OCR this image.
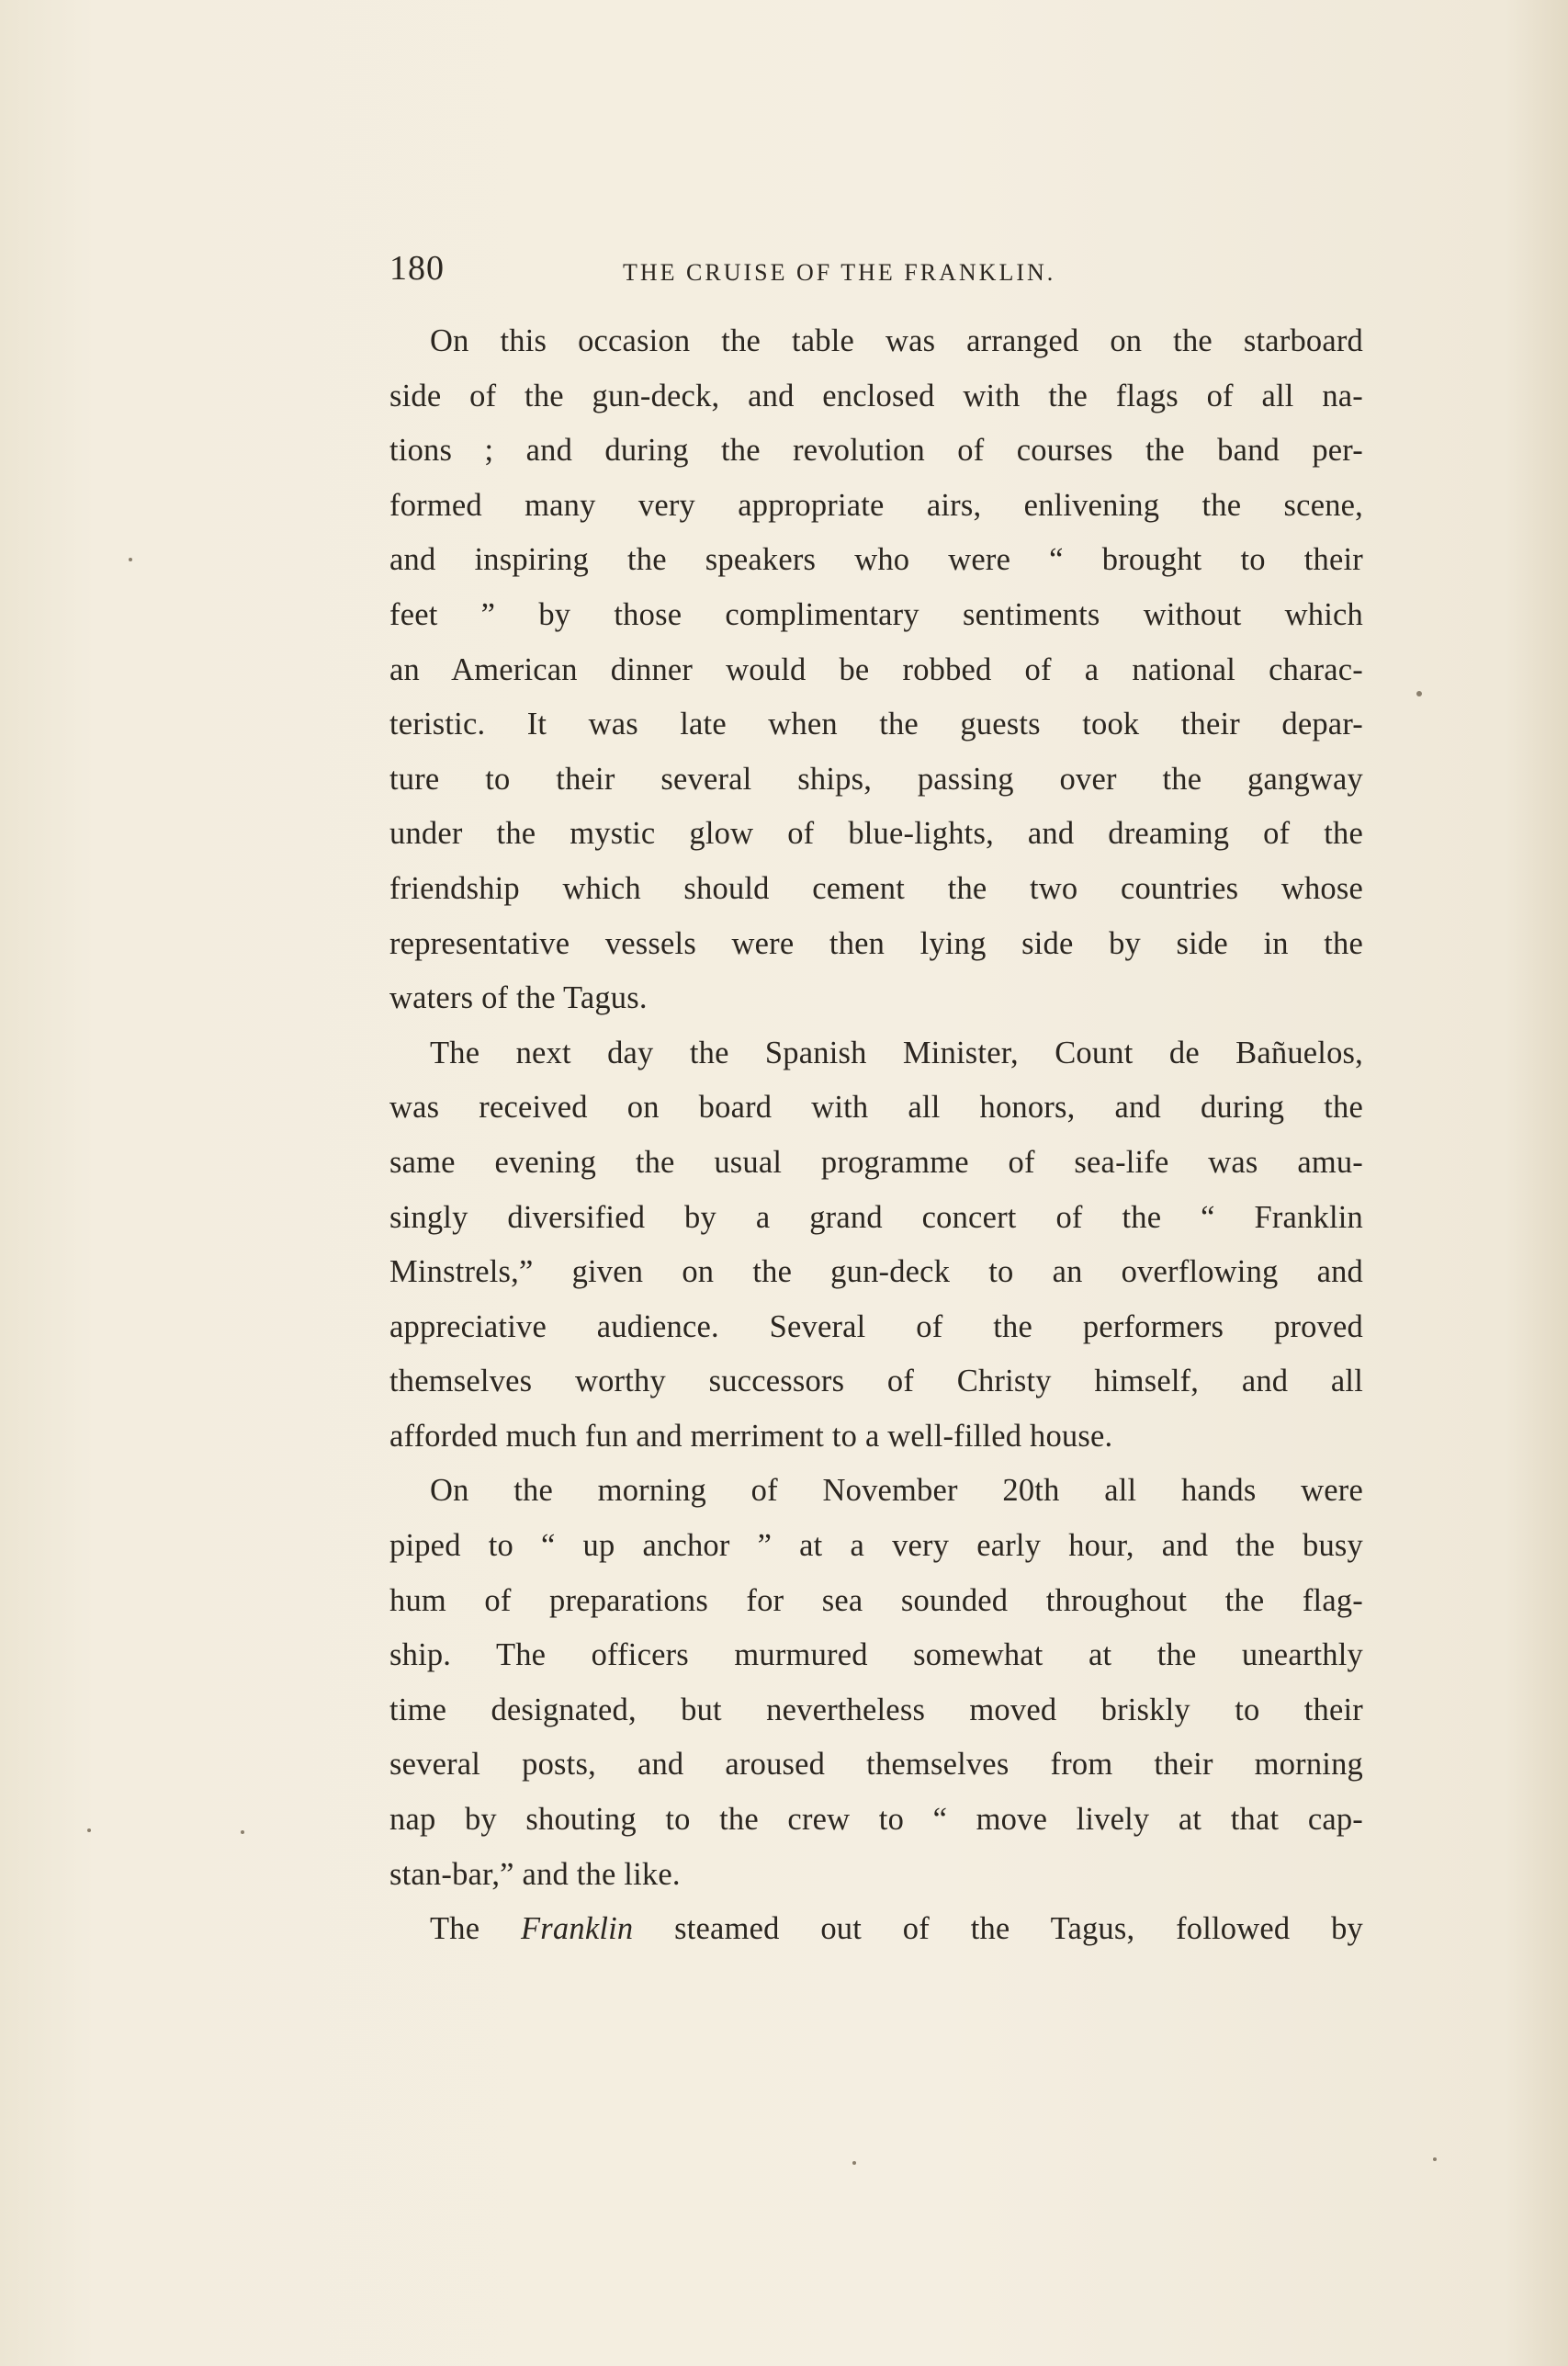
180	THE CRUISE OF THE FRANKLIN.
On this occasion the table was arranged on the starboard
side of the gun-deck, and enclosed with the flags of all na-
tions ; and during the revolution of courses the band per-
formed many very appropriate airs, enlivening the scene,
and inspiring the speakers who were “ brought to their
feet ” by those complimentary sentiments without which
an American dinner would be robbed of a national charac-
teristic. It was late when the guests took their depar-
ture to their several ships, passing over the gangway
under the mystic glow of blue-lights, and dreaming of the
friendship which should cement the two countries whose
representative vessels were then lying side by side in the
waters of the Tagus.
The next day the Spanish Minister, Count de Bañuelos,
was received on board with all honors, and during the
same evening the usual programme of sea-life was amu-
singly diversified by a grand concert of the “ Franklin
Minstrels,” given on the gun-deck to an overflowing and
appreciative audience. Several of the performers proved
themselves worthy successors of Christy himself, and all
afforded much fun and merriment to a well-filled house.
On the morning of November 20th all hands were
piped to “ up anchor ” at a very early hour, and the busy
hum of preparations for sea sounded throughout the flag-
ship. The officers murmured somewhat at the unearthly
time designated, but nevertheless moved briskly to their
several posts, and aroused themselves from their morning
nap by shouting to the crew to “ move lively at that cap-
stan-bar,” and the like.
The Franklin steamed out of the Tagus, followed by
